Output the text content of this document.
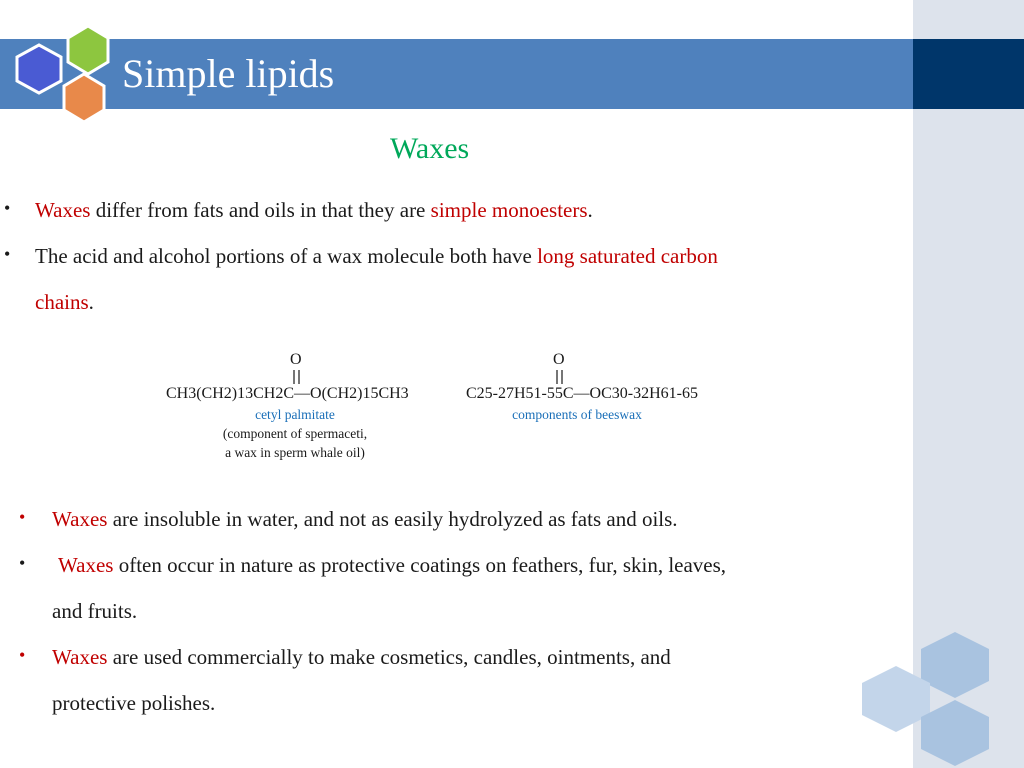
Simple lipids
Waxes
• Waxes differ from fats and oils in that they are simple monoesters.
• The acid and alcohol portions of a wax molecule both have long saturated carbon
chains.
O
CH3(CH2)13CH2C—O(CH2)15CH3
cetyl palmitate
(component of spermaceti,
a wax in sperm whale oil)
O
C25-27H51-55C—OC30-32H61-65
components of beeswax
• Waxes are insoluble in water, and not as easily hydrolyzed as fats and oils.
• Waxes often occur in nature as protective coatings on feathers, fur, skin, leaves,
and fruits.
• Waxes are used commercially to make cosmetics, candles, ointments, and
protective polishes.
